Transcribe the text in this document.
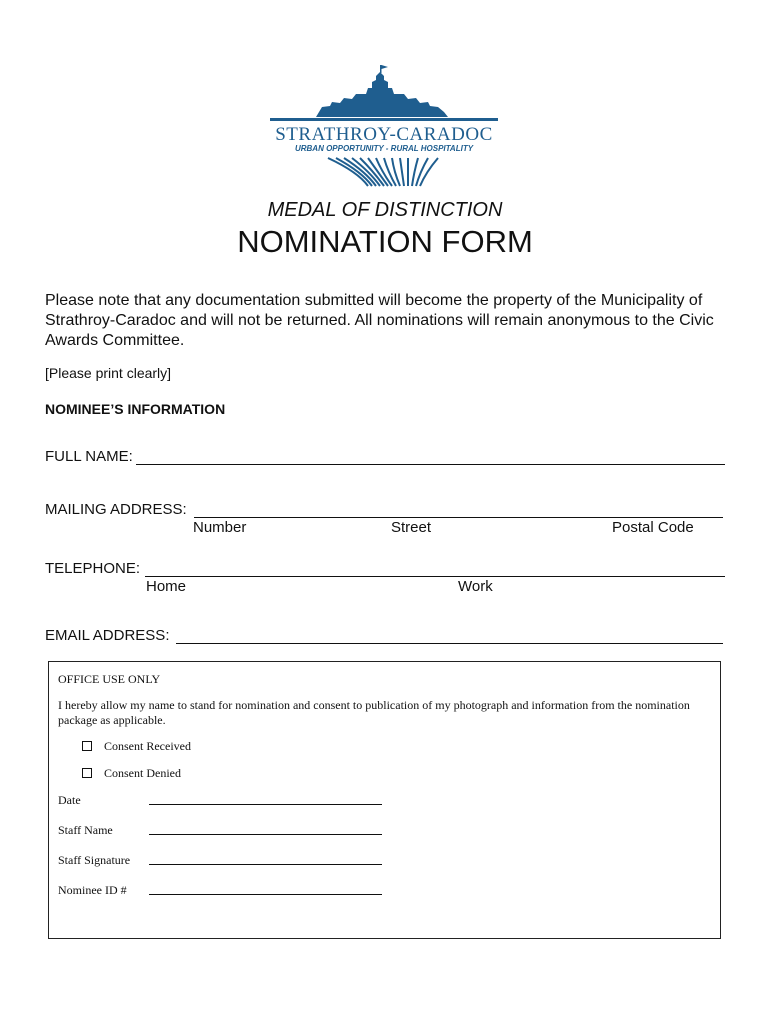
STRATHROY-CARADOC
URBAN OPPORTUNITY - RURAL HOSPITALITY
MEDAL OF DISTINCTION
NOMINATION FORM
Please note that any documentation submitted will become the property of the Municipality of Strathroy-Caradoc and will not be returned. All nominations will remain anonymous to the Civic Awards Committee.
[Please print clearly]
NOMINEE’S INFORMATION
FULL NAME:
MAILING ADDRESS:
Number	Street	Postal Code
TELEPHONE:
Home	Work
EMAIL ADDRESS:
OFFICE USE ONLY
I hereby allow my name to stand for nomination and consent to publication of my photograph and information from the nomination package as applicable.
Consent Received
Consent Denied
Date
Staff Name
Staff Signature
Nominee ID #
